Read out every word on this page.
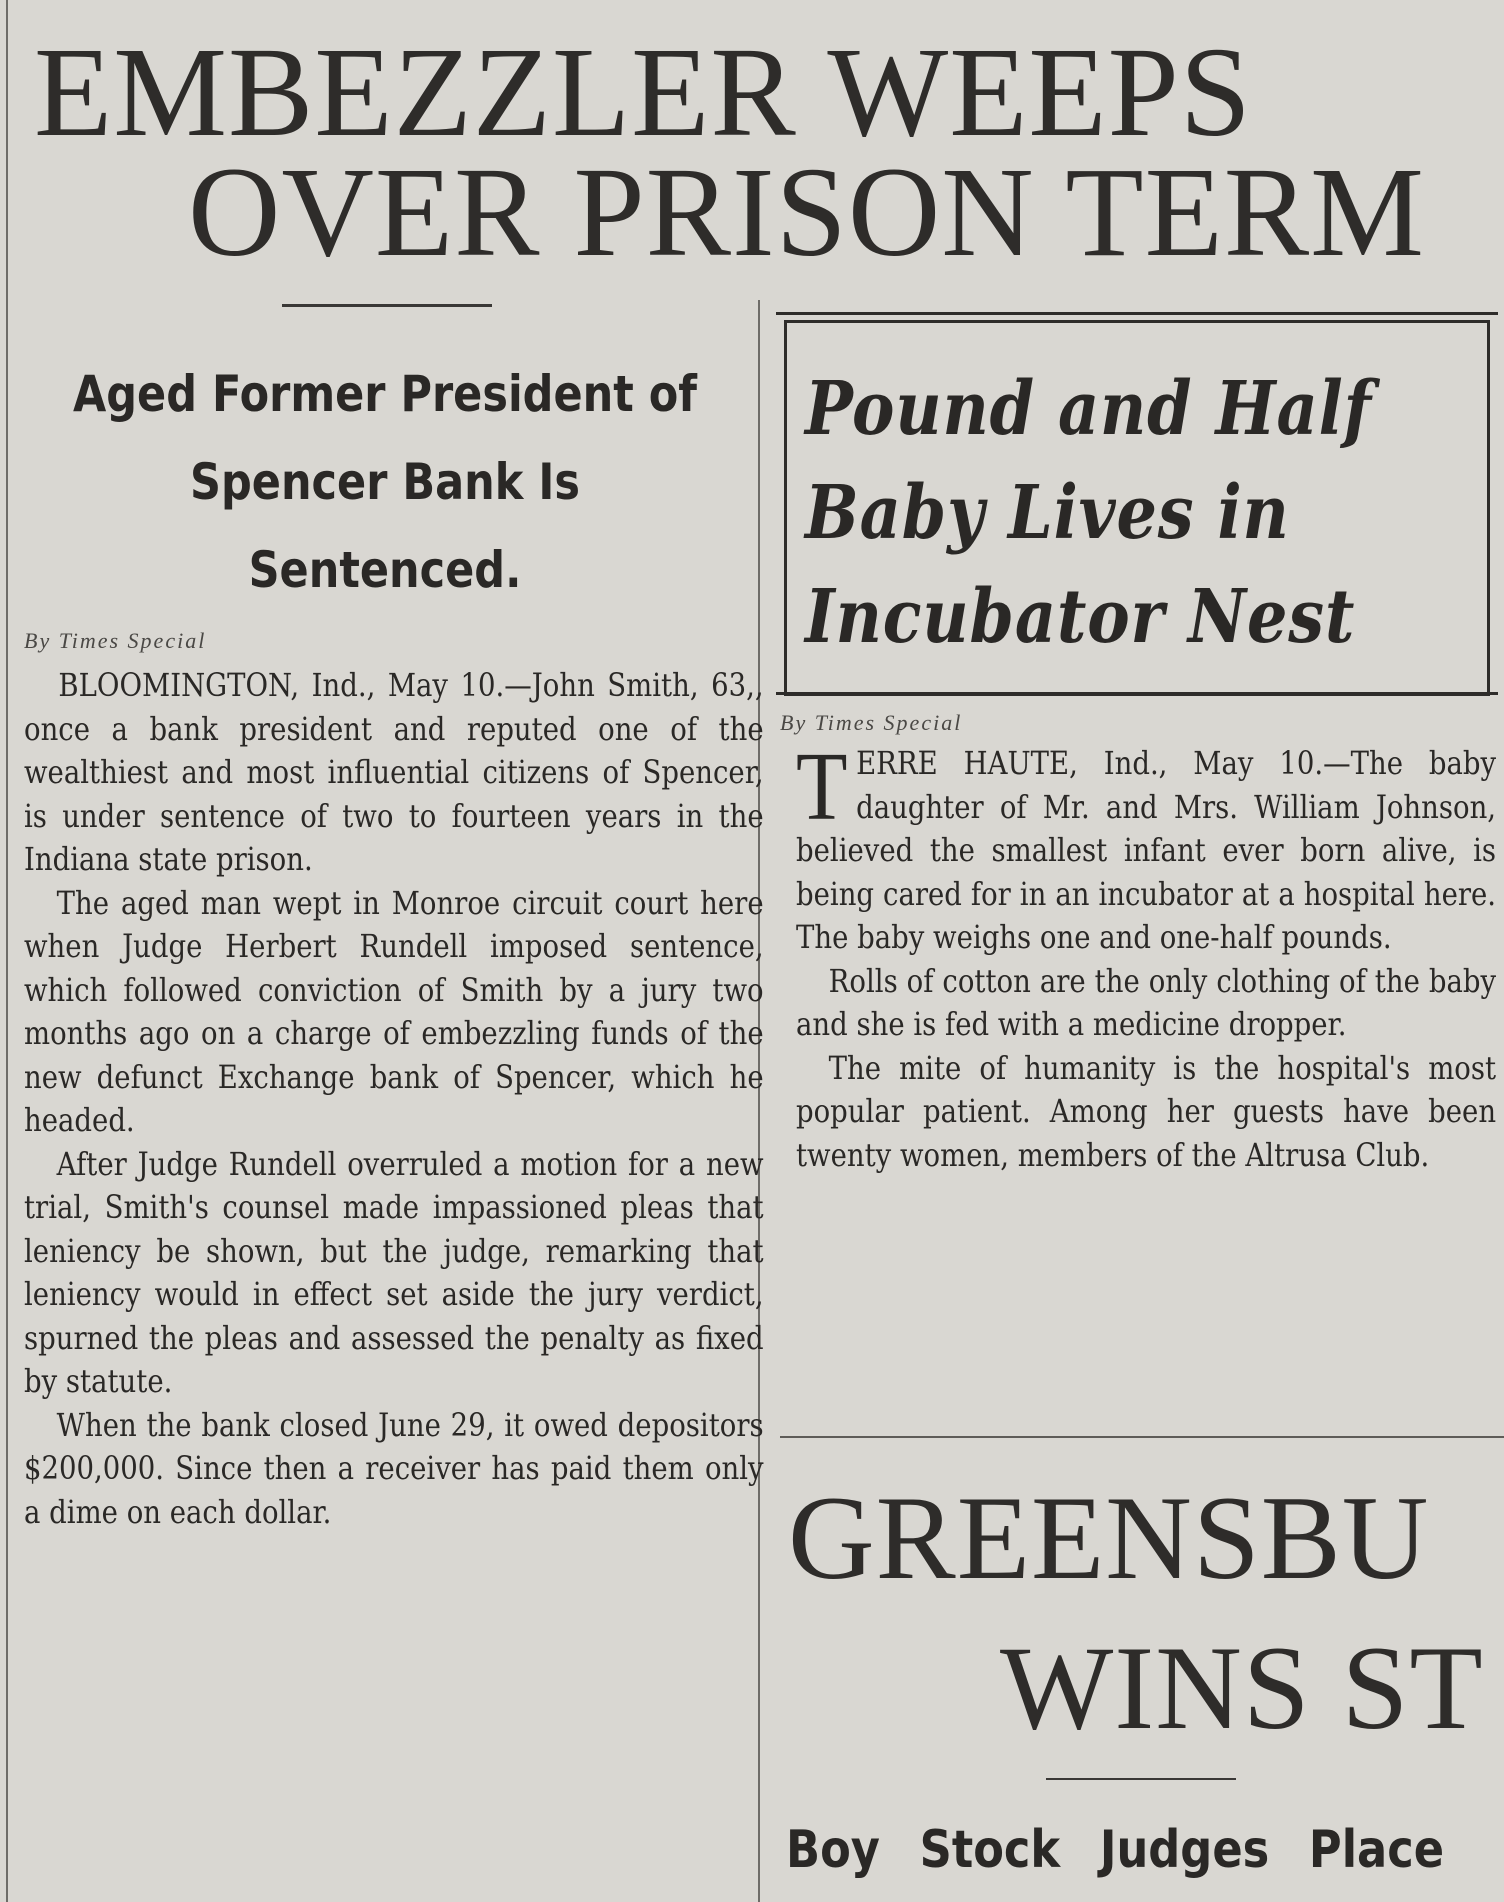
EMBEZZLER WEEPS
OVER PRISON TERM
Aged Former President of Spencer Bank Is Sentenced.
By Times Special

BLOOMINGTON, Ind., May 10.—John Smith, 63,, once a bank president and reputed one of the wealthiest and most influential citizens of Spencer, is under sentence of two to fourteen years in the Indiana state prison.

The aged man wept in Monroe circuit court here when Judge Herbert Rundell imposed sentence, which followed conviction of Smith by a jury two months ago on a charge of embezzling funds of the new defunct Exchange bank of Spencer, which he headed.

After Judge Rundell overruled a motion for a new trial, Smith's counsel made impassioned pleas that leniency be shown, but the judge, remarking that leniency would in effect set aside the jury verdict, spurned the pleas and assessed the penalty as fixed by statute.

When the bank closed June 29, it owed depositors $200,000. Since then a receiver has paid them only a dime on each dollar.

Pound and Half
Baby Lives in
Incubator Nest
By Times Special

TERRE HAUTE, Ind., May 10.—The baby daughter of Mr. and Mrs. William Johnson, believed the smallest infant ever born alive, is being cared for in an incubator at a hospital here. The baby weighs one and one-half pounds.

Rolls of cotton are the only clothing of the baby and she is fed with a medicine dropper.

The mite of humanity is the hospital's most popular patient. Among her guests have been twenty women, members of the Altrusa Club.

GREENSBU
WINS ST
Boy Stock Judges Place
